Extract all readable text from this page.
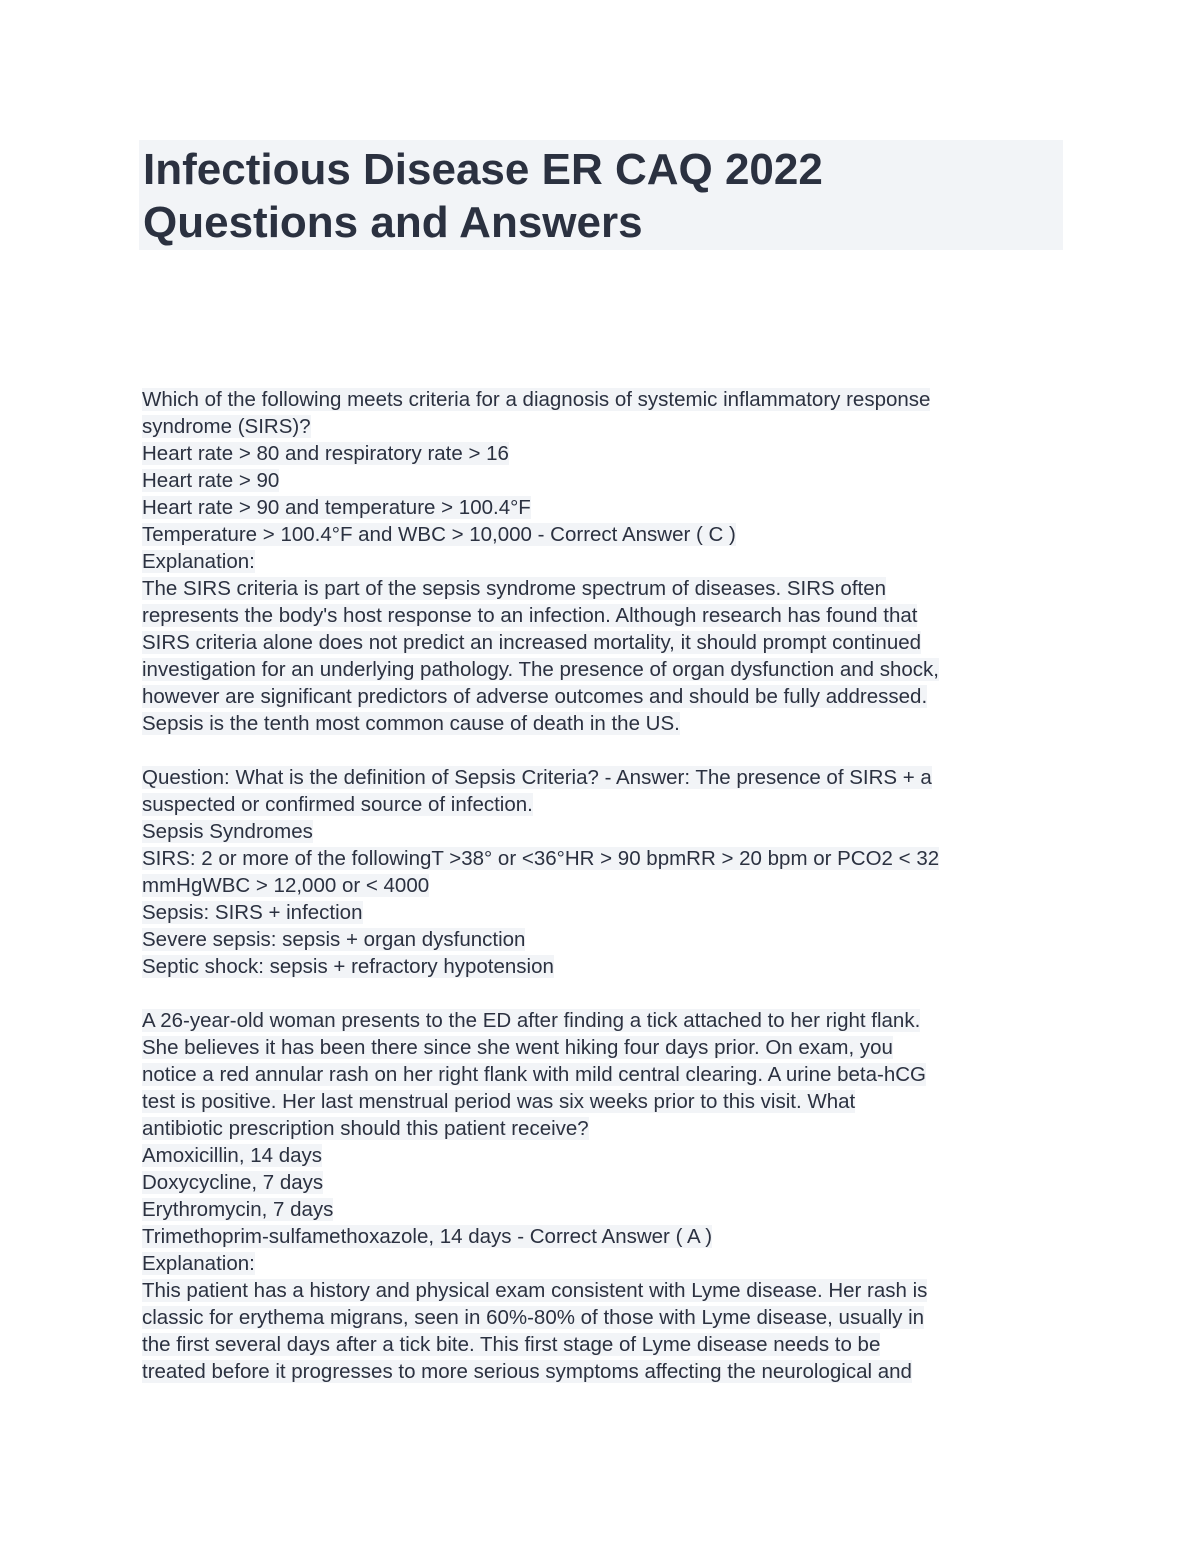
Infectious Disease ER CAQ 2022
Questions and Answers
Which of the following meets criteria for a diagnosis of systemic inflammatory response
syndrome (SIRS)?
Heart rate > 80 and respiratory rate > 16
Heart rate > 90
Heart rate > 90 and temperature > 100.4°F
Temperature > 100.4°F and WBC > 10,000 - Correct Answer ( C )
Explanation:
The SIRS criteria is part of the sepsis syndrome spectrum of diseases. SIRS often
represents the body's host response to an infection. Although research has found that
SIRS criteria alone does not predict an increased mortality, it should prompt continued
investigation for an underlying pathology. The presence of organ dysfunction and shock,
however are significant predictors of adverse outcomes and should be fully addressed.
Sepsis is the tenth most common cause of death in the US.
Question: What is the definition of Sepsis Criteria? - Answer: The presence of SIRS + a
suspected or confirmed source of infection.
Sepsis Syndromes
SIRS: 2 or more of the followingT >38° or <36°HR > 90 bpmRR > 20 bpm or PCO2 < 32
mmHgWBC > 12,000 or < 4000
Sepsis: SIRS + infection
Severe sepsis: sepsis + organ dysfunction
Septic shock: sepsis + refractory hypotension
A 26-year-old woman presents to the ED after finding a tick attached to her right flank.
She believes it has been there since she went hiking four days prior. On exam, you
notice a red annular rash on her right flank with mild central clearing. A urine beta-hCG
test is positive. Her last menstrual period was six weeks prior to this visit. What
antibiotic prescription should this patient receive?
Amoxicillin, 14 days
Doxycycline, 7 days
Erythromycin, 7 days
Trimethoprim-sulfamethoxazole, 14 days - Correct Answer ( A )
Explanation:
This patient has a history and physical exam consistent with Lyme disease. Her rash is
classic for erythema migrans, seen in 60%-80% of those with Lyme disease, usually in
the first several days after a tick bite. This first stage of Lyme disease needs to be
treated before it progresses to more serious symptoms affecting the neurological and
